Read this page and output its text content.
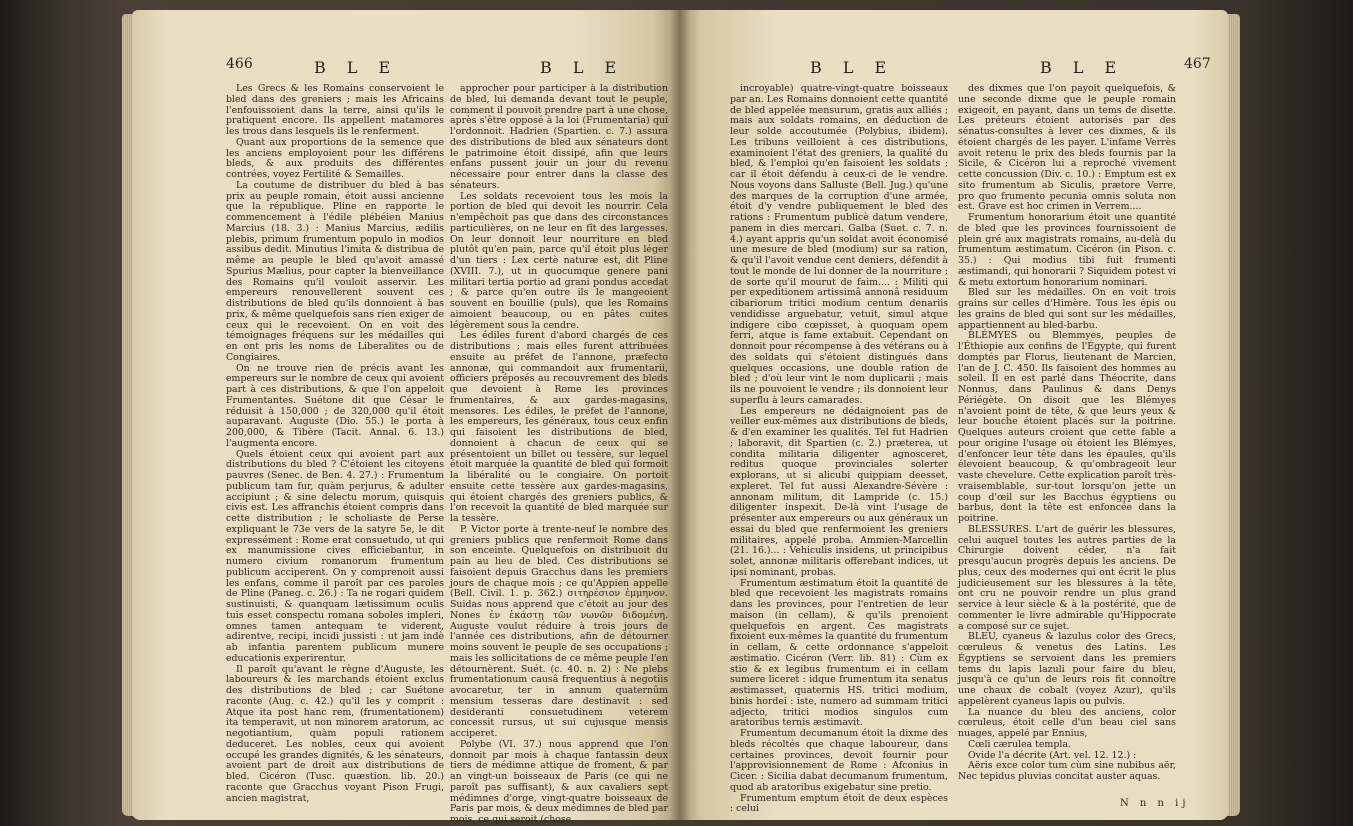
466	B L E	B L E

Les Grecs & les Romains conservoient le bled dans des greniers ; mais les Africains l'enfouissoient dans la terre, ainsi qu'ils le pratiquent encore. Ils appellent matamores les trous dans lesquels ils le renferment.

Quant aux proportions de la semence que les anciens employoient pour les différens bleds, & aux produits des différentes contrées, voyez Fertilité & Semailles.

La coutume de distribuer du bled à bas prix au peuple romain, étoit aussi ancienne que la république. Pline en rapporte le commencement à l'édile plébéien Manius Marcius (18. 3.) : Manius Marcius, ædilis plebis, primum frumentum populo in modios assibus dedit. Minutius l'imita & distribua de même au peuple le bled qu'avoit amassé Spurius Mælius, pour capter la bienveillance des Romains qu'il vouloit asservir. Les empereurs renouvellerent souvent ces distributions de bled qu'ils donnoient à bas prix, & même quelquefois sans rien exiger de ceux qui le recevoient. On en voit des témoignages fréquens sur les médailles qui en ont pris les noms de Liberalites ou de Congiaires.

On ne trouve rien de précis avant les empereurs sur le nombre de ceux qui avoient part à ces distributions, & que l'on appeloit Frumentantes. Suétone dit que César le réduisit à 150,000 ; de 320,000 qu'il étoit auparavant. Auguste (Dio. 55.) le porta à 200,000, & Tibère (Tacit. Annal. 6. 13.) l'augmenta encore.

Quels étoient ceux qui avoient part aux distributions du bled ? C'étoient les citoyens pauvres (Senec. de Ben. 4. 27.) : Frumentum publicum tam fur, quàm perjurus, & adulter accipiunt ; & sine delectu morum, quisquis civis est. Les affranchis étoient compris dans cette distribution ; le scholiaste de Perse expliquant le 73e vers de la satyre 5e, le dit expressément : Rome erat consuetudo, ut qui ex manumissione cives efficiebantur, in numero civium romanorum frumentum publicum acciperent. On y comprenoit aussi les enfans, comme il paroît par ces paroles de Pline (Paneg. c. 26.) : Ta ne rogari quidem sustinuisti, & quanquam lætissimum oculis tuis esset conspectu romana soboles impleri, omnes tamen antequam te viderent, adirentve, recipi, incidi jussisti : ut jam indè ab infantia parentem publicum munere educationis experirentur.

Il paroît qu'avant le règne d'Auguste, les laboureurs & les marchands étoient exclus des distributions de bled ; car Suétone raconte (Aug. c. 42.) qu'il les y comprit : Atque ita post hanc rem, (frumentationem) ita temperavit, ut non minorem aratorum, ac negotiantium, quàm populi rationem deduceret. Les nobles, ceux qui avoient occupé les grandes dignités, & les sénateurs, avoient part de droit aux distributions de bled. Cicéron (Tusc. quæstion. lib. 20.) raconte que Gracchus voyant Pison Frugi, ancien magistrat,

approcher pour participer à la distribution de bled, lui demanda devant tout le peuple, comment il pouvoit prendre part à une chose, après s'être opposé à la loi (Frumentaria) qui l'ordonnoit. Hadrien (Spartien. c. 7.) assura des distributions de bled aux sénateurs dont le patrimoine étoit dissipé, afin que leurs enfans pussent jouir un jour du revenu nécessaire pour entrer dans la classe des sénateurs.

Les soldats recevoient tous les mois la portion de bled qui devoit les nourrir. Cela n'empêchoit pas que dans des circonstances particulières, on ne leur en fît des largesses. On leur donnoit leur nourriture en bled plutôt qu'en pain, parce qu'il étoit plus léger d'un tiers : Lex certè naturæ est, dit Pline (XVIII. 7.), ut in quocumque genere pani militari tertia portio ad grani pondus accedat ; & parce qu'en outre ils le mangeoient souvent en bouillie (puls), que les Romains aimoient beaucoup, ou en pâtes cuites légèrement sous la cendre.

Les édiles furent d'abord chargés de ces distributions ; mais elles furent attribuées ensuite au préfet de l'annone, præfecto annonæ, qui commandoit aux frumentarii, officiers préposés au recouvrement des bleds que devoient à Rome les provinces frumentaires, & aux gardes-magasins, mensores. Les édiles, le préfet de l'annone, les empereurs, les généraux, tous ceux enfin qui faisoient les distributions de bled, donnoient à chacun de ceux qui se présentoient un billet ou tessère, sur lequel étoit marquée la quantité de bled qui formoit la libéralité ou le congiaire. On portoit ensuite cette tessère aux gardes-magasins, qui étoient chargés des greniers publics, & l'on recevoit la quantité de bled marquée sur la tessère.

P. Victor porte à trente-neuf le nombre des greniers publics que renfermoit Rome dans son enceinte. Quelquefois on distribuoit du pain au lieu de bled. Ces distributions se faisoient depuis Gracchus dans les premiers jours de chaque mois ; ce qu'Appien appelle (Bell. Civil. 1. p. 362.) σιτηρέσιον ἐμμηνον. Suidas nous apprend que c'étoit au jour des Nones ἐν ἑκάστῃ τῶν νωνῶν διδομένη. Auguste voulut réduire à trois jours de l'année ces distributions, afin de détourner moins souvent le peuple de ses occupations ; mais les sollicitations de ce même peuple l'en détournèrent. Suét. (c. 40. n. 2) : Ne plebs frumentationum causâ frequentius à negotiis avocaretur, ter in annum quaternûm mensium tesseras dare destinavit : sed desideranti consuetudinem veterem concessit rursus, ut sui cujusque mensis acciperet.

Polybe (VI. 37.) nous apprend que l'on donnoit par mois à chaque fantassin deux tiers de médimne attique de froment, & par an vingt-un boisseaux de Paris (ce qui ne paroît pas suffisant), & aux cavaliers sept médimnes d'orge, vingt-quatre boisseaux de Paris par mois, & deux médimnes de bled par mois, ce qui seroit (chose

B L E	B L E	467

incroyable) quatre-vingt-quatre boisseaux par an. Les Romains donnoient cette quantité de bled appelée mensurum, gratis aux alliés ; mais aux soldats romains, en déduction de leur solde accoutumée (Polybius, ibidem). Les tribuns veilloient à ces distributions, examinoient l'état des greniers, la qualité du bled, & l'emploi qu'en faisoient les soldats ; car il étoit défendu à ceux-ci de le vendre. Nous voyons dans Salluste (Bell. Jug.) qu'une des marques de la corruption d'une armée, étoit d'y vendre publiquement le bled des rations : Frumentum publicè datum vendere, panem in dies mercari. Galba (Suet. c. 7. n. 4.) ayant appris qu'un soldat avoit économisé une mesure de bled (modium) sur sa ration, & qu'il l'avoit vendue cent deniers, défendit à tout le monde de lui donner de la nourriture ; de sorte qu'il mourut de faim.... : Militi qui per expeditionem artissimâ annonâ residuum cibariorum tritici modium centum denariis vendidisse arguebatur, vetuit, simul atque indigere cibo cœpisset, à quoquam opem ferri, atque is fame extabuit. Cependant on donnoit pour récompense à des vétérans ou à des soldats qui s'étoient distingués dans quelques occasions, une double ration de bled ; d'où leur vint le nom duplicarii ; mais ils ne pouvoient le vendre ; ils donnoient leur superflu à leurs camarades.

Les empereurs ne dédaignoient pas de veiller eux-mêmes aux distributions de bleds, & d'en examiner les qualités. Tel fut Hadrien ; laboravit, dit Spartien (c. 2.) præterea, ut condita militaria diligenter agnosceret, reditus quoque provinciales solerter explorans, ut si alicubi quippiam deesset, expleret. Tel fut aussi Alexandre-Sévère : annonam militum, dit Lampride (c. 15.) diligenter inspexit. De-là vint l'usage de présenter aux empereurs ou aux généraux un essai du bled que renfermoient les greniers militaires, appelé proba. Ammien-Marcellin (21. 16.)... : Vehiculis insidens, ut principibus solet, annonæ militaris offerebant indices, ut ipsi nominant, probas.

Frumentum æstimatum étoit la quantité de bled que recevoient les magistrats romains dans les provinces, pour l'entretien de leur maison (in cellam), & qu'ils prenoient quelquefois en argent. Ces magistrats fixoient eux-mêmes la quantité du frumentum in cellam, & cette ordonnance s'appeloit æstimatio. Cicéron (Verr. lib. 81) : Cùm ex stio & ex legibus frumentum ei in cellam sumere liceret : idque frumentum ita senatus æstimasset, quaternis HS. tritici modium, binis hordei : iste, numero ad summam tritici adjecto, tritici modios singulos cum aratoribus ternis æstimavit.

Frumentum decumanum étoit la dixme des bleds récoltés que chaque laboureur, dans certaines provinces, devoit fournir pour l'approvisionnement de Rome : Afconius in Cicer. : Sicilia dabat decumanum frumentum, quod ab aratoribus exigebatur sine pretio.

Frumentum emptum étoit de deux espèces : celui

des dixmes que l'on payoit quelquefois, & une seconde dixme que le peuple romain exigeoit, en payant, dans un tems de disette. Les préteurs étoient autorisés par des sénatus-consultes à lever ces dixmes, & ils étoient chargés de les payer. L'infame Verrès avoit retenu le prix des bleds fournis par la Sicile, & Cicéron lui a reproché vivement cette concussion (Div. c. 10.) : Emptum est ex sito frumentum ab Siculis, prætore Verre, pro quo frumento pecunia omnis soluta non est. Grave est hoc crimen in Verrem....

Frumentum honorarium étoit une quantité de bled que les provinces fournissoient de plein gré aux magistrats romains, au-delà du frumentum æstimatum. Cicéron (in Pison. c. 35.) : Qui modius tibi fuit frumenti æstimandi, qui honorarii ? Siquidem potest vi & metu extortum honorarium nominari.

Bled sur les médailles. On en voit trois grains sur celles d'Himère. Tous les épis ou les grains de bled qui sont sur les médailles, appartiennent au bled-barbu.

BLÉMYES ou Blemmyes, peuples de l'Éthiopie aux confins de l'Égypte, qui furent domptés par Florus, lieutenant de Marcien, l'an de J. C. 450. Ils faisoient des hommes au soleil. Il en est parlé dans Théocrite, dans Nonnus, dans Paulinus & dans Denys Périégète. On disoit que les Blémyes n'avoient point de tête, & que leurs yeux & leur bouche étoient placés sur la poitrine. Quelques auteurs croient que cette fable a pour origine l'usage où étoient les Blémyes, d'enfoncer leur tête dans les épaules, qu'ils élevoient beaucoup, & qu'ombrageoit leur vaste chevelure. Cette explication paroît très-vraisemblable, sur-tout lorsqu'on jette un coup d'œil sur les Bacchus égyptiens ou barbus, dont la tête est enfoncée dans la poitrine.

BLESSURES. L'art de guérir les blessures, celui auquel toutes les autres parties de la Chirurgie doivent céder, n'a fait presqu'aucun progrès depuis les anciens. De plus, ceux des modernes qui ont écrit le plus judicieusement sur les blessures à la tête, ont cru ne pouvoir rendre un plus grand service à leur siècle & à la postérité, que de commenter le livre admirable qu'Hippocrate a composé sur ce sujet.

BLEU, cyaneus & lazulus color des Grecs, cœruleus & venetus des Latins. Les Égyptiens se servoient dans les premiers tems du lapis lazuli pour faire du bleu, jusqu'à ce qu'un de leurs rois fit connoître une chaux de cobalt (voyez Azur), qu'ils appelèrent cyaneus lapis ou pulvis.

La nuance du bleu des anciens, color cœruleus, étoit celle d'un beau ciel sans nuages, appelé par Ennius,

Cœli cærulea templa.

Ovide l'a décrite (Art. vel. 12. 12.) :

Aëris exce color tum cùm sine nubibus aër, Nec tepidus pluvias concitat auster aquas.

N n n ij
